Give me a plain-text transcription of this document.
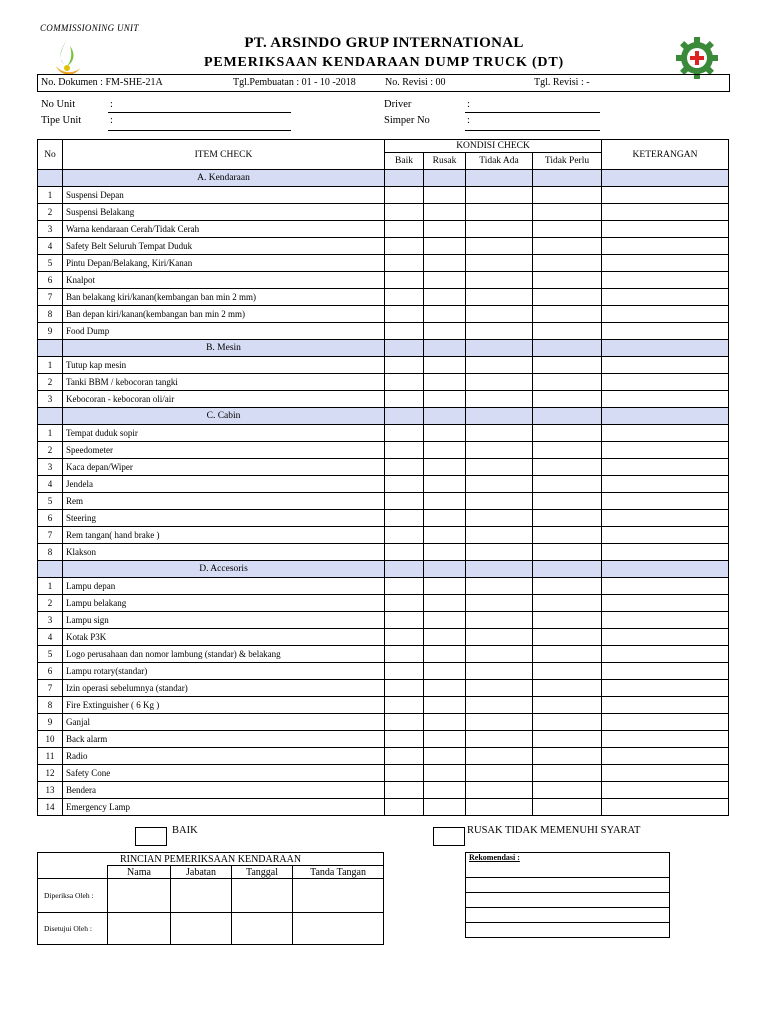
COMMISSIONING UNIT
PT. ARSINDO GRUP INTERNATIONAL
PEMERIKSAAN KENDARAAN DUMP TRUCK (DT)
No. Dokumen : FM-SHE-21A	Tgl.Pembuatan : 01 - 10 -2018	No. Revisi : 00	Tgl. Revisi : -
No Unit	:
Tipe Unit	:
Driver	:
Simper No	:
No	ITEM CHECK	KONDISI CHECK				KETERANGAN
		Baik	Rusak	Tidak Ada	Tidak Perlu	
	A. Kendaraan					
1	Suspensi Depan					
2	Suspensi Belakang					
3	Warna kendaraan Cerah/Tidak Cerah					
4	Safety Belt Seluruh Tempat Duduk					
5	Pintu Depan/Belakang, Kiri/Kanan					
6	Knalpot					
7	Ban belakang kiri/kanan(kembangan ban min 2 mm)					
8	Ban depan kiri/kanan(kembangan ban min 2 mm)					
9	Food Dump					
	B. Mesin					
1	Tutup kap mesin					
2	Tanki BBM / kebocoran tangki					
3	Kebocoran - kebocoran oli/air					
	C. Cabin					
1	Tempat duduk sopir					
2	Speedometer					
3	Kaca depan/Wiper					
4	Jendela					
5	Rem					
6	Steering					
7	Rem tangan( hand brake )					
8	Klakson					
	D. Accesoris					
1	Lampu depan					
2	Lampu belakang					
3	Lampu sign					
4	Kotak P3K					
5	Logo perusahaan dan nomor lambung (standar) & belakang					
6	Lampu rotary(standar)					
7	Izin operasi sebelumnya (standar)					
8	Fire Extinguisher ( 6 Kg )					
9	Ganjal					
10	Back alarm					
11	Radio					
12	Safety Cone					
13	Bendera					
14	Emergency Lamp					
BAIK	RUSAK TIDAK MEMENUHI SYARAT
RINCIAN PEMERIKSAAN KENDARAAN				
	Nama	Jabatan	Tanggal	Tanda Tangan
Diperiksa Oleh :				
Disetujui Oleh :				
Rekomendasi :
